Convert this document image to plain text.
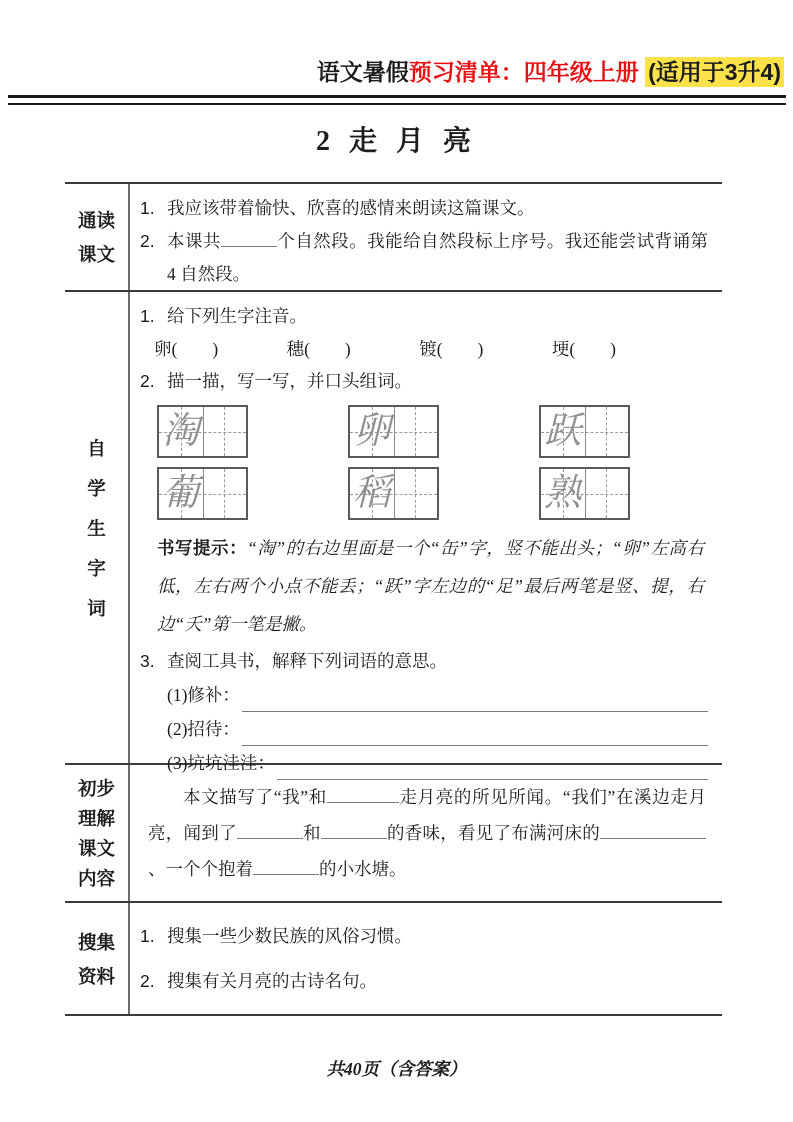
语文暑假预习清单：四年级上册 (适用于3升4)
2 走 月 亮
通读
课文
1. 我应该带着愉快、欣喜的感情来朗读这篇课文。
2. 本课共	个自然段。我能给自然段标上序号。我还能尝试背诵第 4 自然段。
自
学
生
字
词
1. 给下列生字注音。
卵(　　)	穗(　　)	镀(　　)	埂(　　)
2. 描一描，写一写，并口头组词。
淘	卵	跃
葡	稻	熟
书写提示：“淘”的右边里面是一个“缶”字，竖不能出头；“卵”左高右低，左右两个小点不能丢；“跃”字左边的“足”最后两笔是竖、提，右边“夭”第一笔是撇。
3. 查阅工具书，解释下列词语的意思。
(1)修补：
(2)招待：
(3)坑坑洼洼：
初步
理解
课文
内容
本文描写了“我”和	走月亮的所见所闻。“我们”在溪边走月亮，闻到了	和	的香味，看见了布满河床的、一个个抱着	的小水塘。
搜集
资料
1. 搜集一些少数民族的风俗习惯。
2. 搜集有关月亮的古诗名句。
共40页（含答案）
